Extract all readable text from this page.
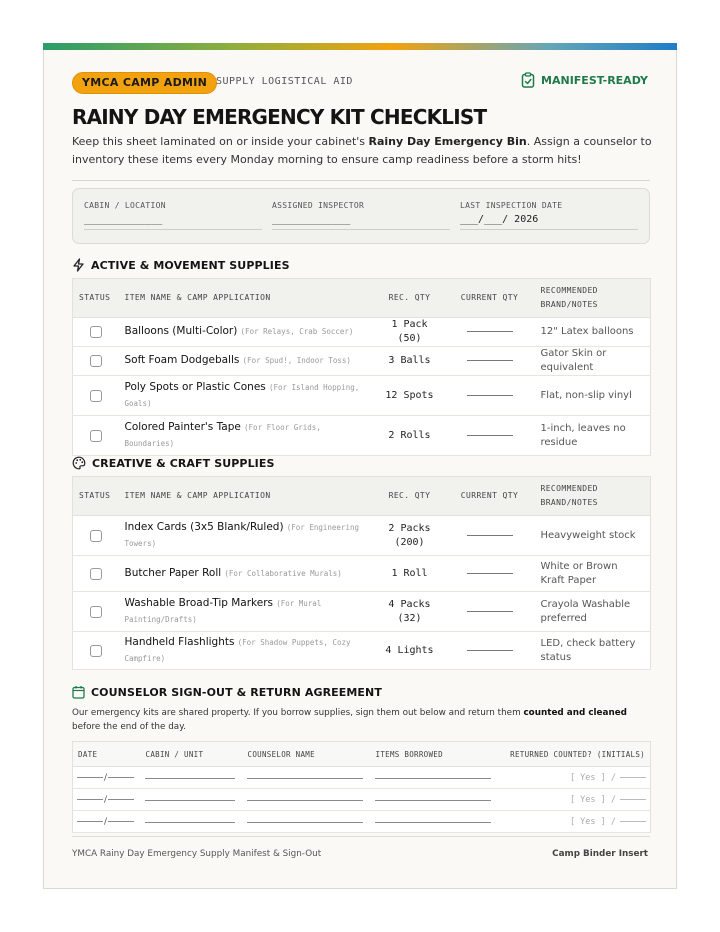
YMCA CAMP ADMIN SUPPLY LOGISTICAL AID	MANIFEST-READY
RAINY DAY EMERGENCY KIT CHECKLIST
Keep this sheet laminated on or inside your cabinet's Rainy Day Emergency Bin. Assign a counselor to inventory these items every Monday morning to ensure camp readiness before a storm hits!
CABIN / LOCATION
_____________
ASSIGNED INSPECTOR
_____________
LAST INSPECTION DATE
___/___/ 2026
ACTIVE & MOVEMENT SUPPLIES
STATUS	ITEM NAME & CAMP APPLICATION	REC. QTY	CURRENT QTY	RECOMMENDED BRAND/NOTES
	Balloons (Multi-Color) (For Relays, Crab Soccer)	1 Pack (50)		12" Latex balloons
	Soft Foam Dodgeballs (For Spud!, Indoor Toss)	3 Balls		Gator Skin or equivalent
	Poly Spots or Plastic Cones (For Island Hopping, Goals)	12 Spots		Flat, non-slip vinyl
	Colored Painter's Tape (For Floor Grids, Boundaries)	2 Rolls		1-inch, leaves no residue
CREATIVE & CRAFT SUPPLIES
STATUS	ITEM NAME & CAMP APPLICATION	REC. QTY	CURRENT QTY	RECOMMENDED BRAND/NOTES
	Index Cards (3x5 Blank/Ruled) (For Engineering Towers)	2 Packs (200)		Heavyweight stock
	Butcher Paper Roll (For Collaborative Murals)	1 Roll		White or Brown Kraft Paper
	Washable Broad-Tip Markers (For Mural Painting/Drafts)	4 Packs (32)		Crayola Washable preferred
	Handheld Flashlights (For Shadow Puppets, Cozy Campfire)	4 Lights		LED, check battery status
COUNSELOR SIGN-OUT & RETURN AGREEMENT
Our emergency kits are shared property. If you borrow supplies, sign them out below and return them counted and cleaned before the end of the day.
DATE	CABIN / UNIT	COUNSELOR NAME	ITEMS BORROWED	RETURNED COUNTED? (INITIALS)

/				[ Yes ] /

/				[ Yes ] /

/				[ Yes ] /
YMCA Rainy Day Emergency Supply Manifest & Sign-Out	Camp Binder Insert
